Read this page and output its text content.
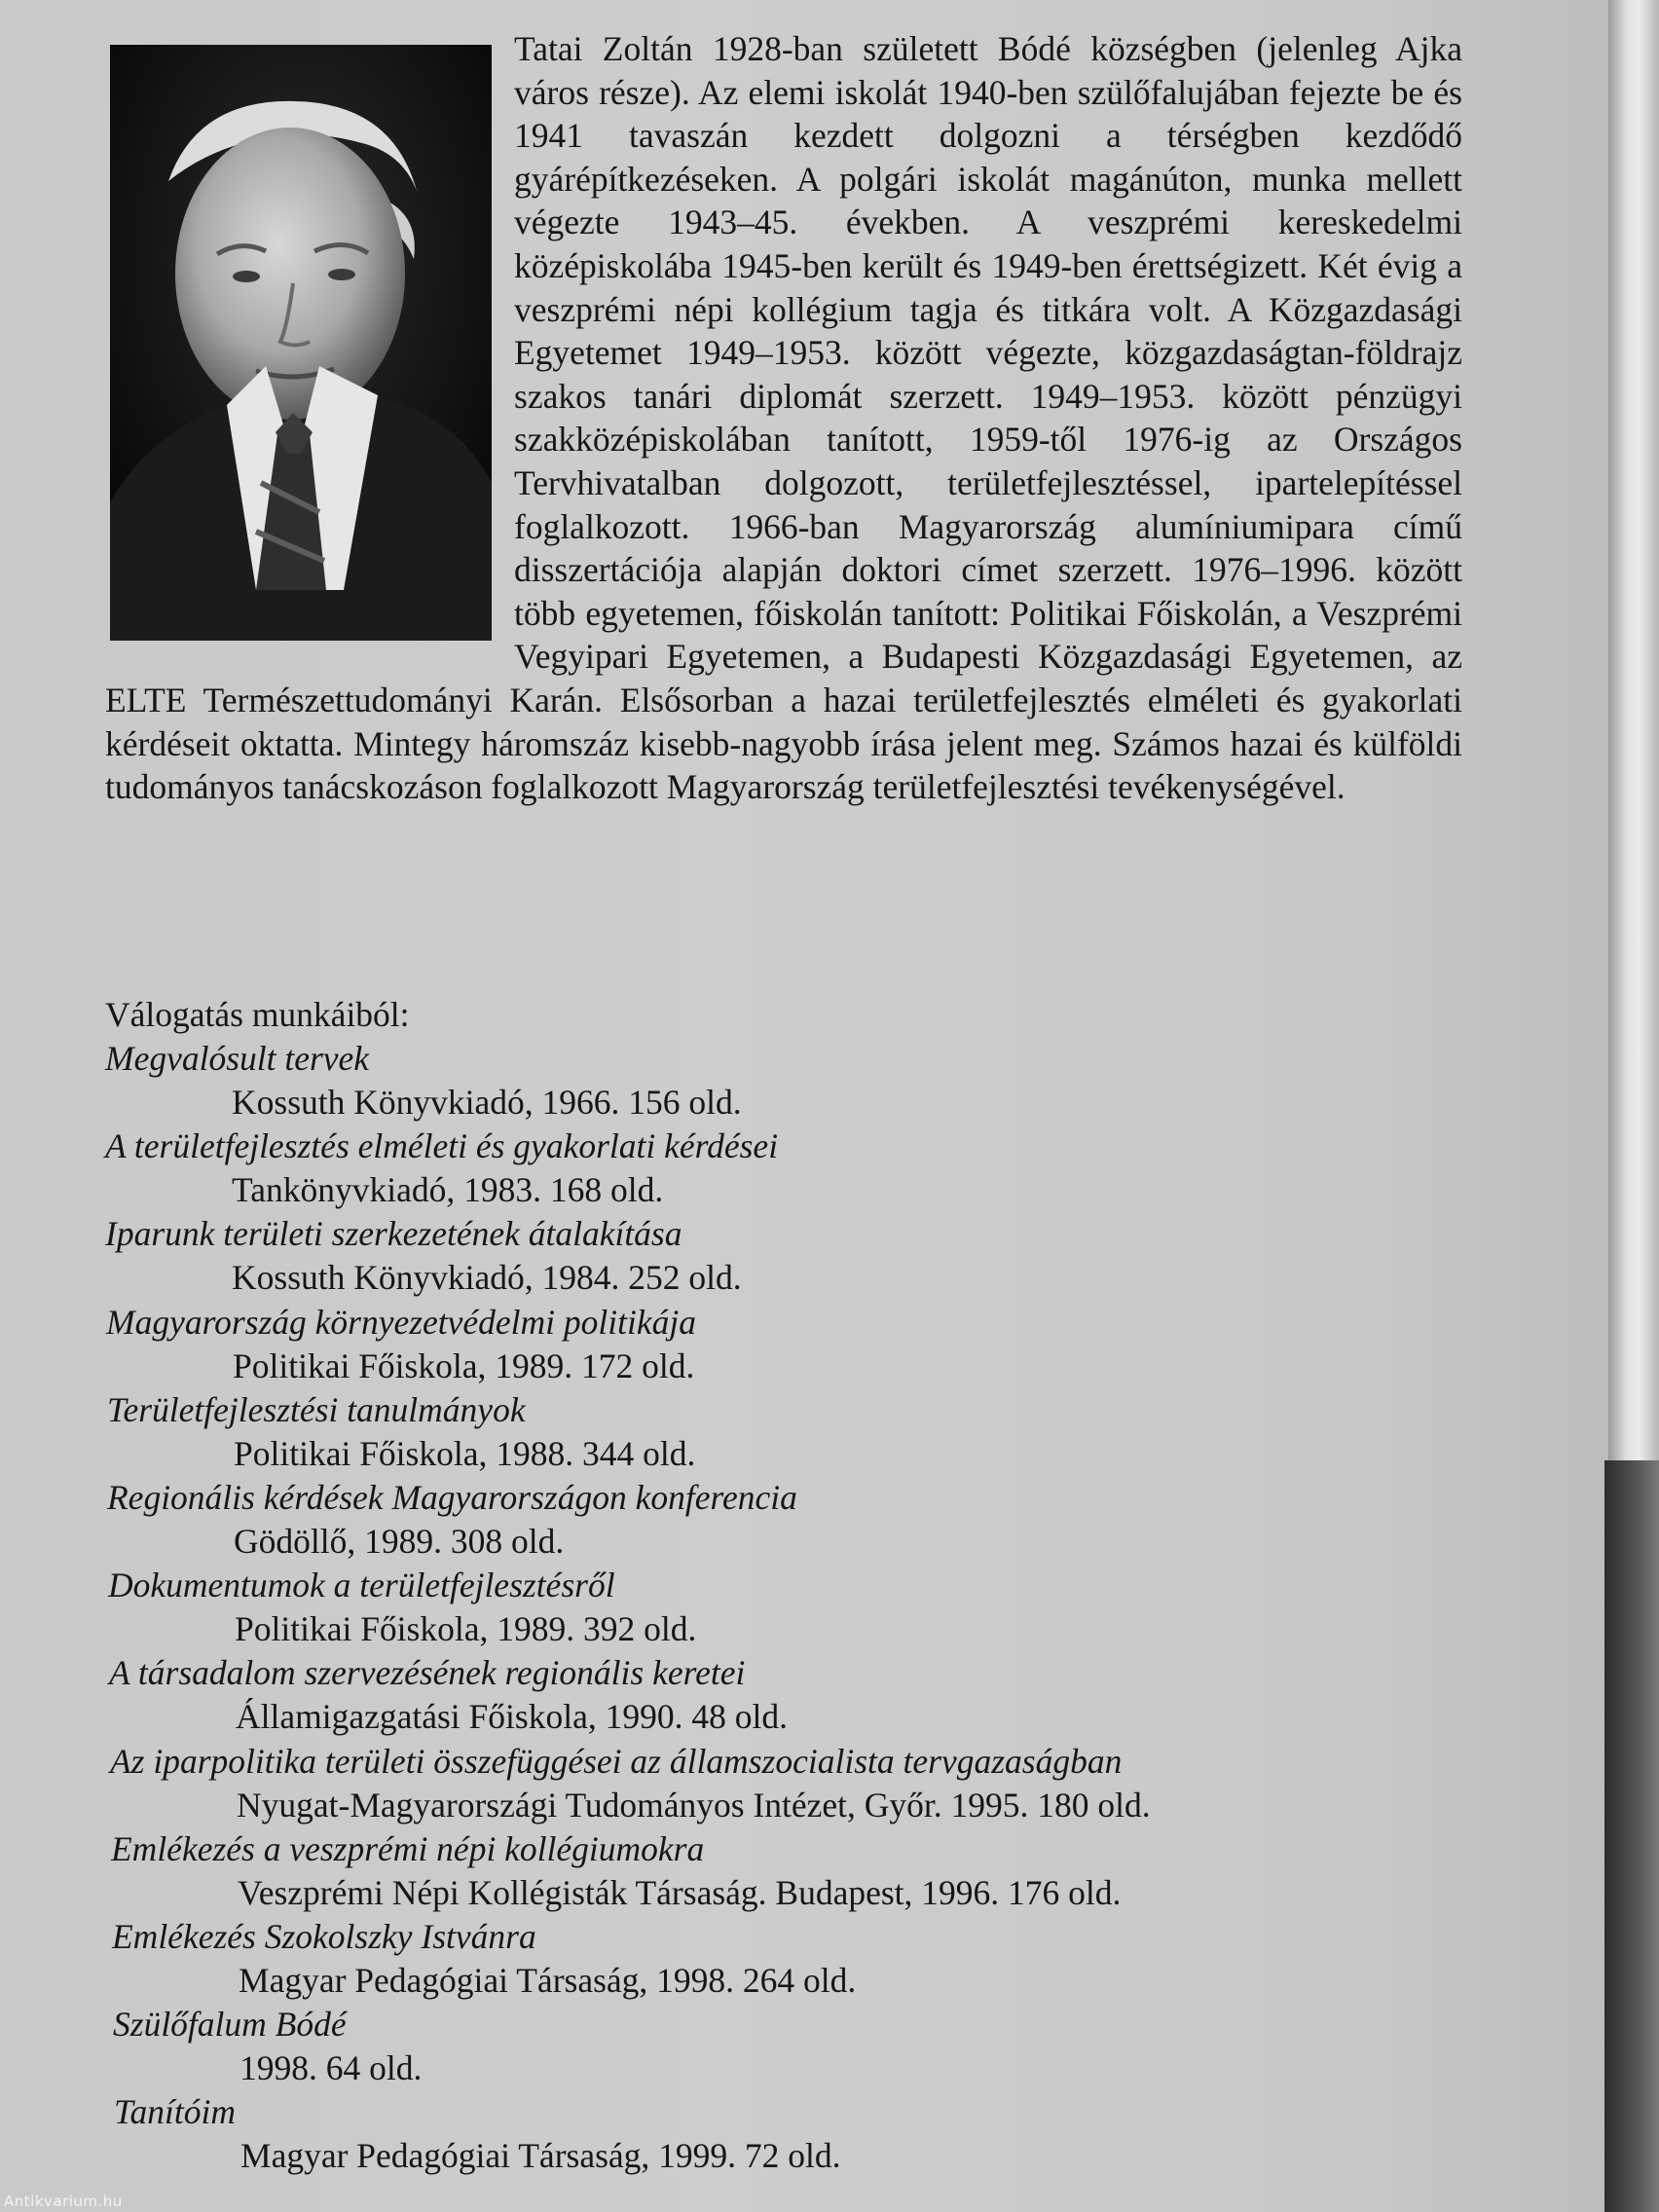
Tatai Zoltán 1928-ban született Bódé községben (jelenleg Ajka város része). Az elemi iskolát 1940-ben szülőfalujában fejezte be és 1941 tavaszán kezdett dolgozni a térségben kezdődő gyárépítkezéseken. A polgári iskolát magánúton, munka mellett végezte 1943–45. években. A veszprémi kereskedelmi középiskolába 1945-ben került és 1949-ben érettségizett. Két évig a veszprémi népi kollégium tagja és titkára volt. A Közgazdasági Egyetemet 1949–1953. között végezte, közgazdaságtan-földrajz szakos tanári diplomát szerzett. 1949–1953. között pénzügyi szakközépiskolában tanított, 1959-től 1976-ig az Országos Tervhivatalban dolgozott, területfejlesztéssel, ipartelepítéssel foglalkozott. 1966-ban Magyarország alumíniumipara című disszertációja alapján doktori címet szerzett. 1976–1996. között több egyetemen, főiskolán tanított: Politikai Főiskolán, a Veszprémi Vegyipari Egyetemen, a Budapesti Közgazdasági Egyetemen, az ELTE Természettudományi Karán. Elsősorban a hazai területfejlesztés elméleti és gyakorlati kérdéseit oktatta. Mintegy háromszáz kisebb-nagyobb írása jelent meg. Számos hazai és külföldi tudományos tanácskozáson foglalkozott Magyarország területfejlesztési tevékenységével.

Válogatás munkáiból:

Megvalósult tervek
Kossuth Könyvkiadó, 1966. 156 old.
A területfejlesztés elméleti és gyakorlati kérdései
Tankönyvkiadó, 1983. 168 old.
Iparunk területi szerkezetének átalakítása
Kossuth Könyvkiadó, 1984. 252 old.
Magyarország környezetvédelmi politikája
Politikai Főiskola, 1989. 172 old.
Területfejlesztési tanulmányok
Politikai Főiskola, 1988. 344 old.
Regionális kérdések Magyarországon konferencia
Gödöllő, 1989. 308 old.
Dokumentumok a területfejlesztésről
Politikai Főiskola, 1989. 392 old.
A társadalom szervezésének regionális keretei
Államigazgatási Főiskola, 1990. 48 old.
Az iparpolitika területi összefüggései az államszocialista tervgazaságban
Nyugat-Magyarországi Tudományos Intézet, Győr. 1995. 180 old.
Emlékezés a veszprémi népi kollégiumokra
Veszprémi Népi Kollégisták Társaság. Budapest, 1996. 176 old.
Emlékezés Szokolszky Istvánra
Magyar Pedagógiai Társaság, 1998. 264 old.
Szülőfalum Bódé
1998. 64 old.
Tanítóim
Magyar Pedagógiai Társaság, 1999. 72 old.
Antikvarium.hu
